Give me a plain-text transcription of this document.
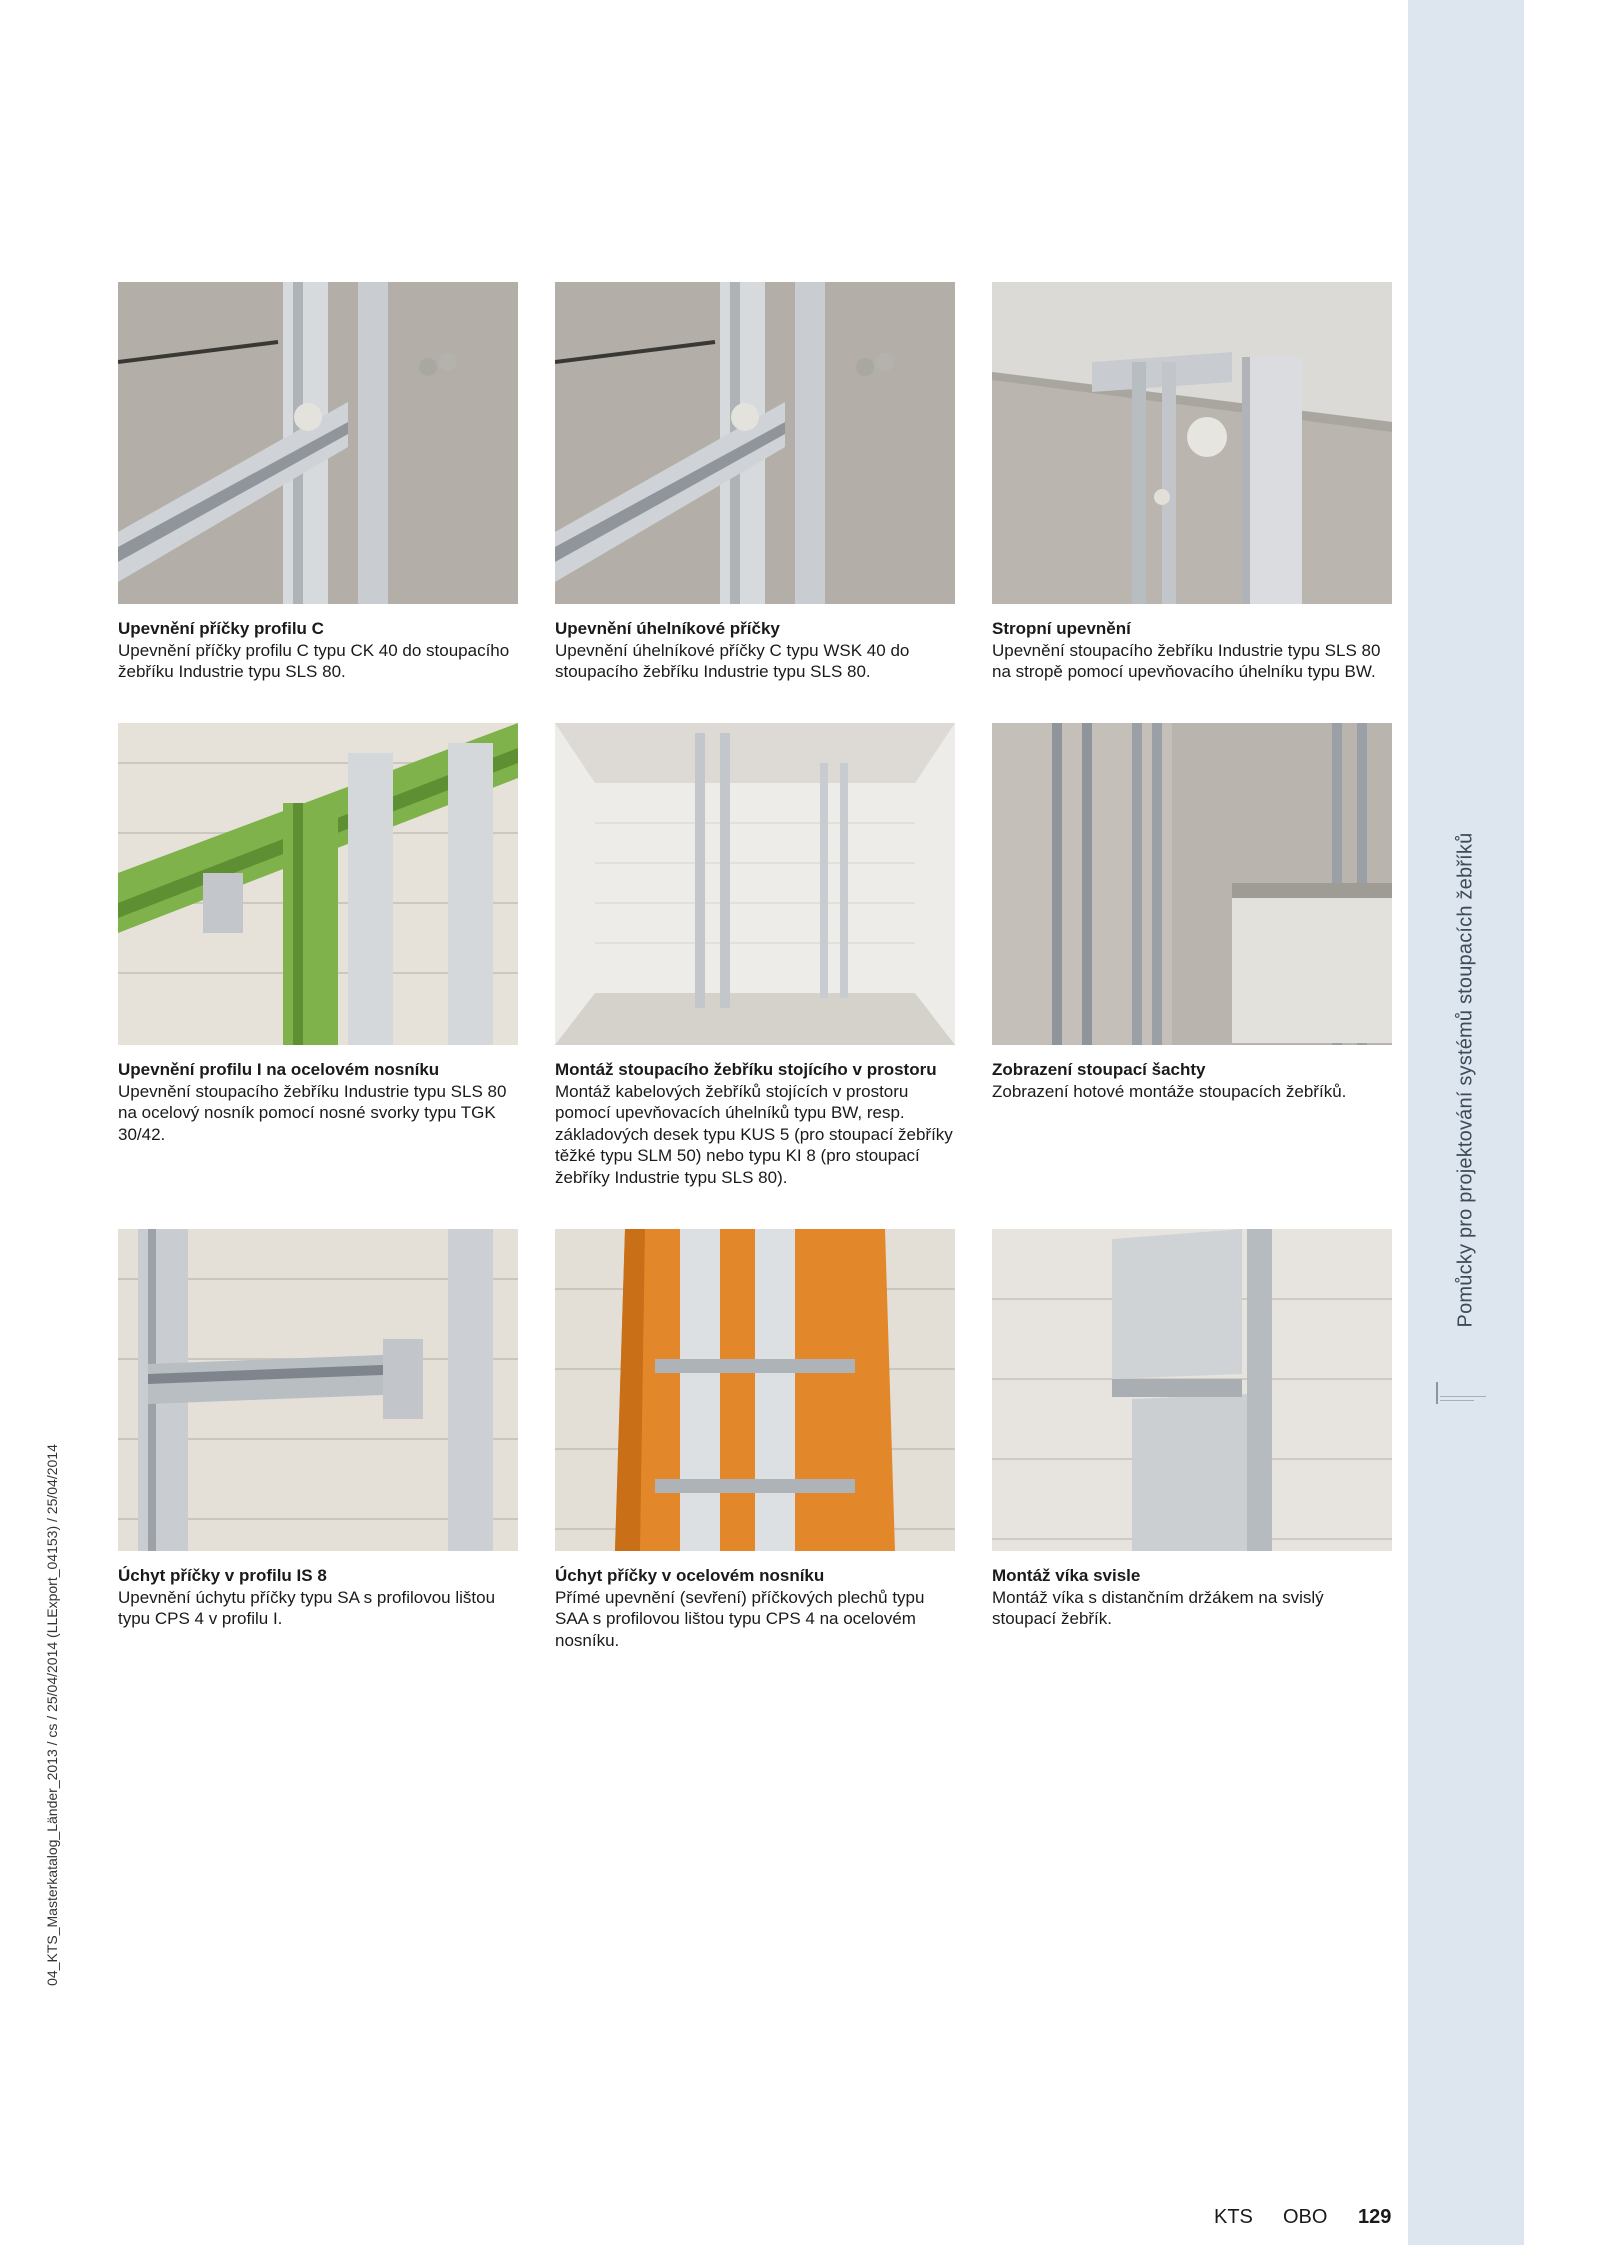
Pomůcky pro projektování systémů stoupacích žebříků
04_KTS_Masterkatalog_Länder_2013 / cs / 25/04/2014 (LLExport_04153) / 25/04/2014
Upevnění příčky profilu C
Upevnění příčky profilu C typu CK 40 do stoupacího žebříku Industrie typu SLS 80.
Upevnění úhelníkové příčky
Upevnění úhelníkové příčky C typu WSK 40 do stoupacího žebříku Industrie typu SLS 80.
Stropní upevnění
Upevnění stoupacího žebříku Industrie typu SLS 80 na stropě pomocí upevňovacího úhelníku typu BW.
Upevnění profilu I na ocelovém nosníku
Upevnění stoupacího žebříku Industrie typu SLS 80 na ocelový nosník pomocí nosné svorky typu TGK 30/42.
Montáž stoupacího žebříku stojícího v prostoru
Montáž kabelových žebříků stojících v prostoru pomocí upevňovacích úhelníků typu BW, resp. základových desek typu KUS 5 (pro stoupací žebříky těžké typu SLM 50) nebo typu KI 8 (pro stoupací žebříky Industrie typu SLS 80).
Zobrazení stoupací šachty
Zobrazení hotové montáže stoupacích žebříků.
Úchyt příčky v profilu IS 8
Upevnění úchytu příčky typu SA s profilovou lištou typu CPS 4 v profilu I.
Úchyt příčky v ocelovém nosníku
Přímé upevnění (sevření) příčkových plechů typu SAA s profilovou lištou typu CPS 4 na ocelovém nosníku.
Montáž víka svisle
Montáž víka s distančním držákem na svislý stoupací žebřík.
KTS OBO 129
